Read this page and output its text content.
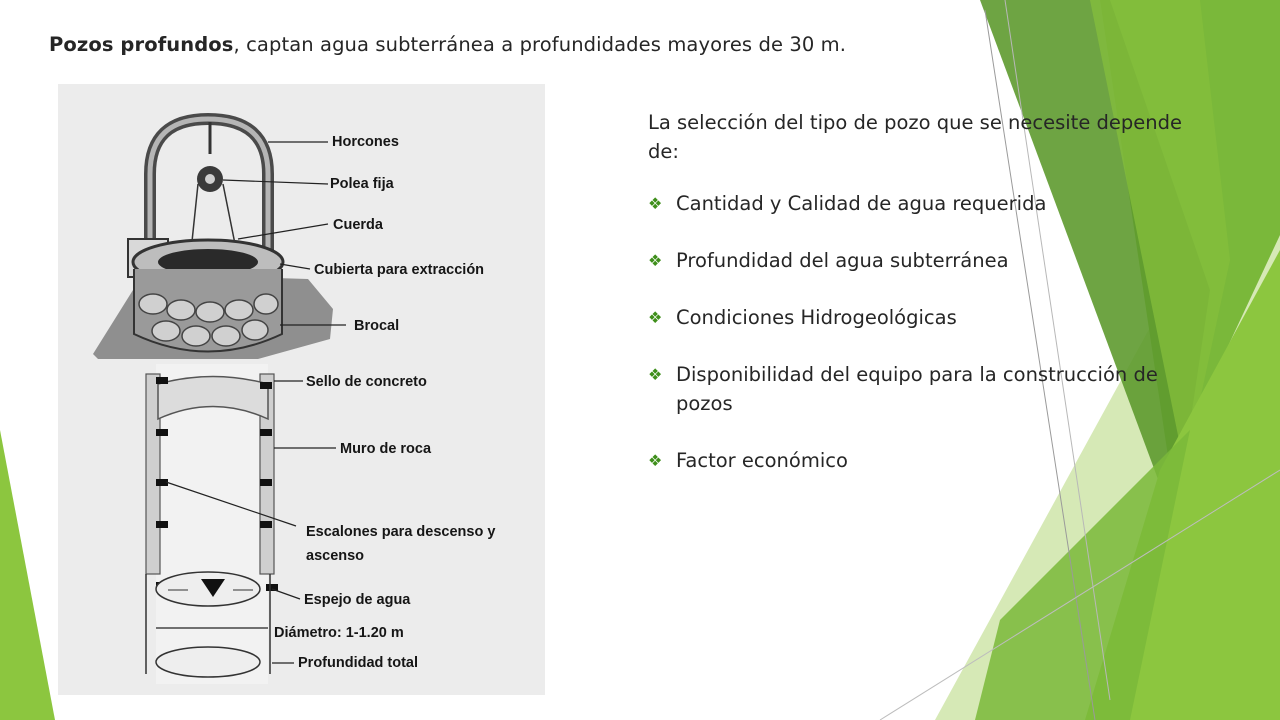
Pozos profundos, captan agua subterránea a profundidades mayores de 30 m.
Horcones
Polea fija
Cuerda
Cubierta para extracción
Brocal
Sello de concreto
Muro de roca
Escalones para descenso y
ascenso
Espejo de agua
Diámetro: 1-1.20 m
Profundidad total

La selección del tipo de pozo que se necesite depende de:

❖ Cantidad y Calidad de agua requerida
❖ Profundidad del agua subterránea
❖ Condiciones Hidrogeológicas
❖ Disponibilidad del equipo para la construcción de pozos
❖ Factor económico
